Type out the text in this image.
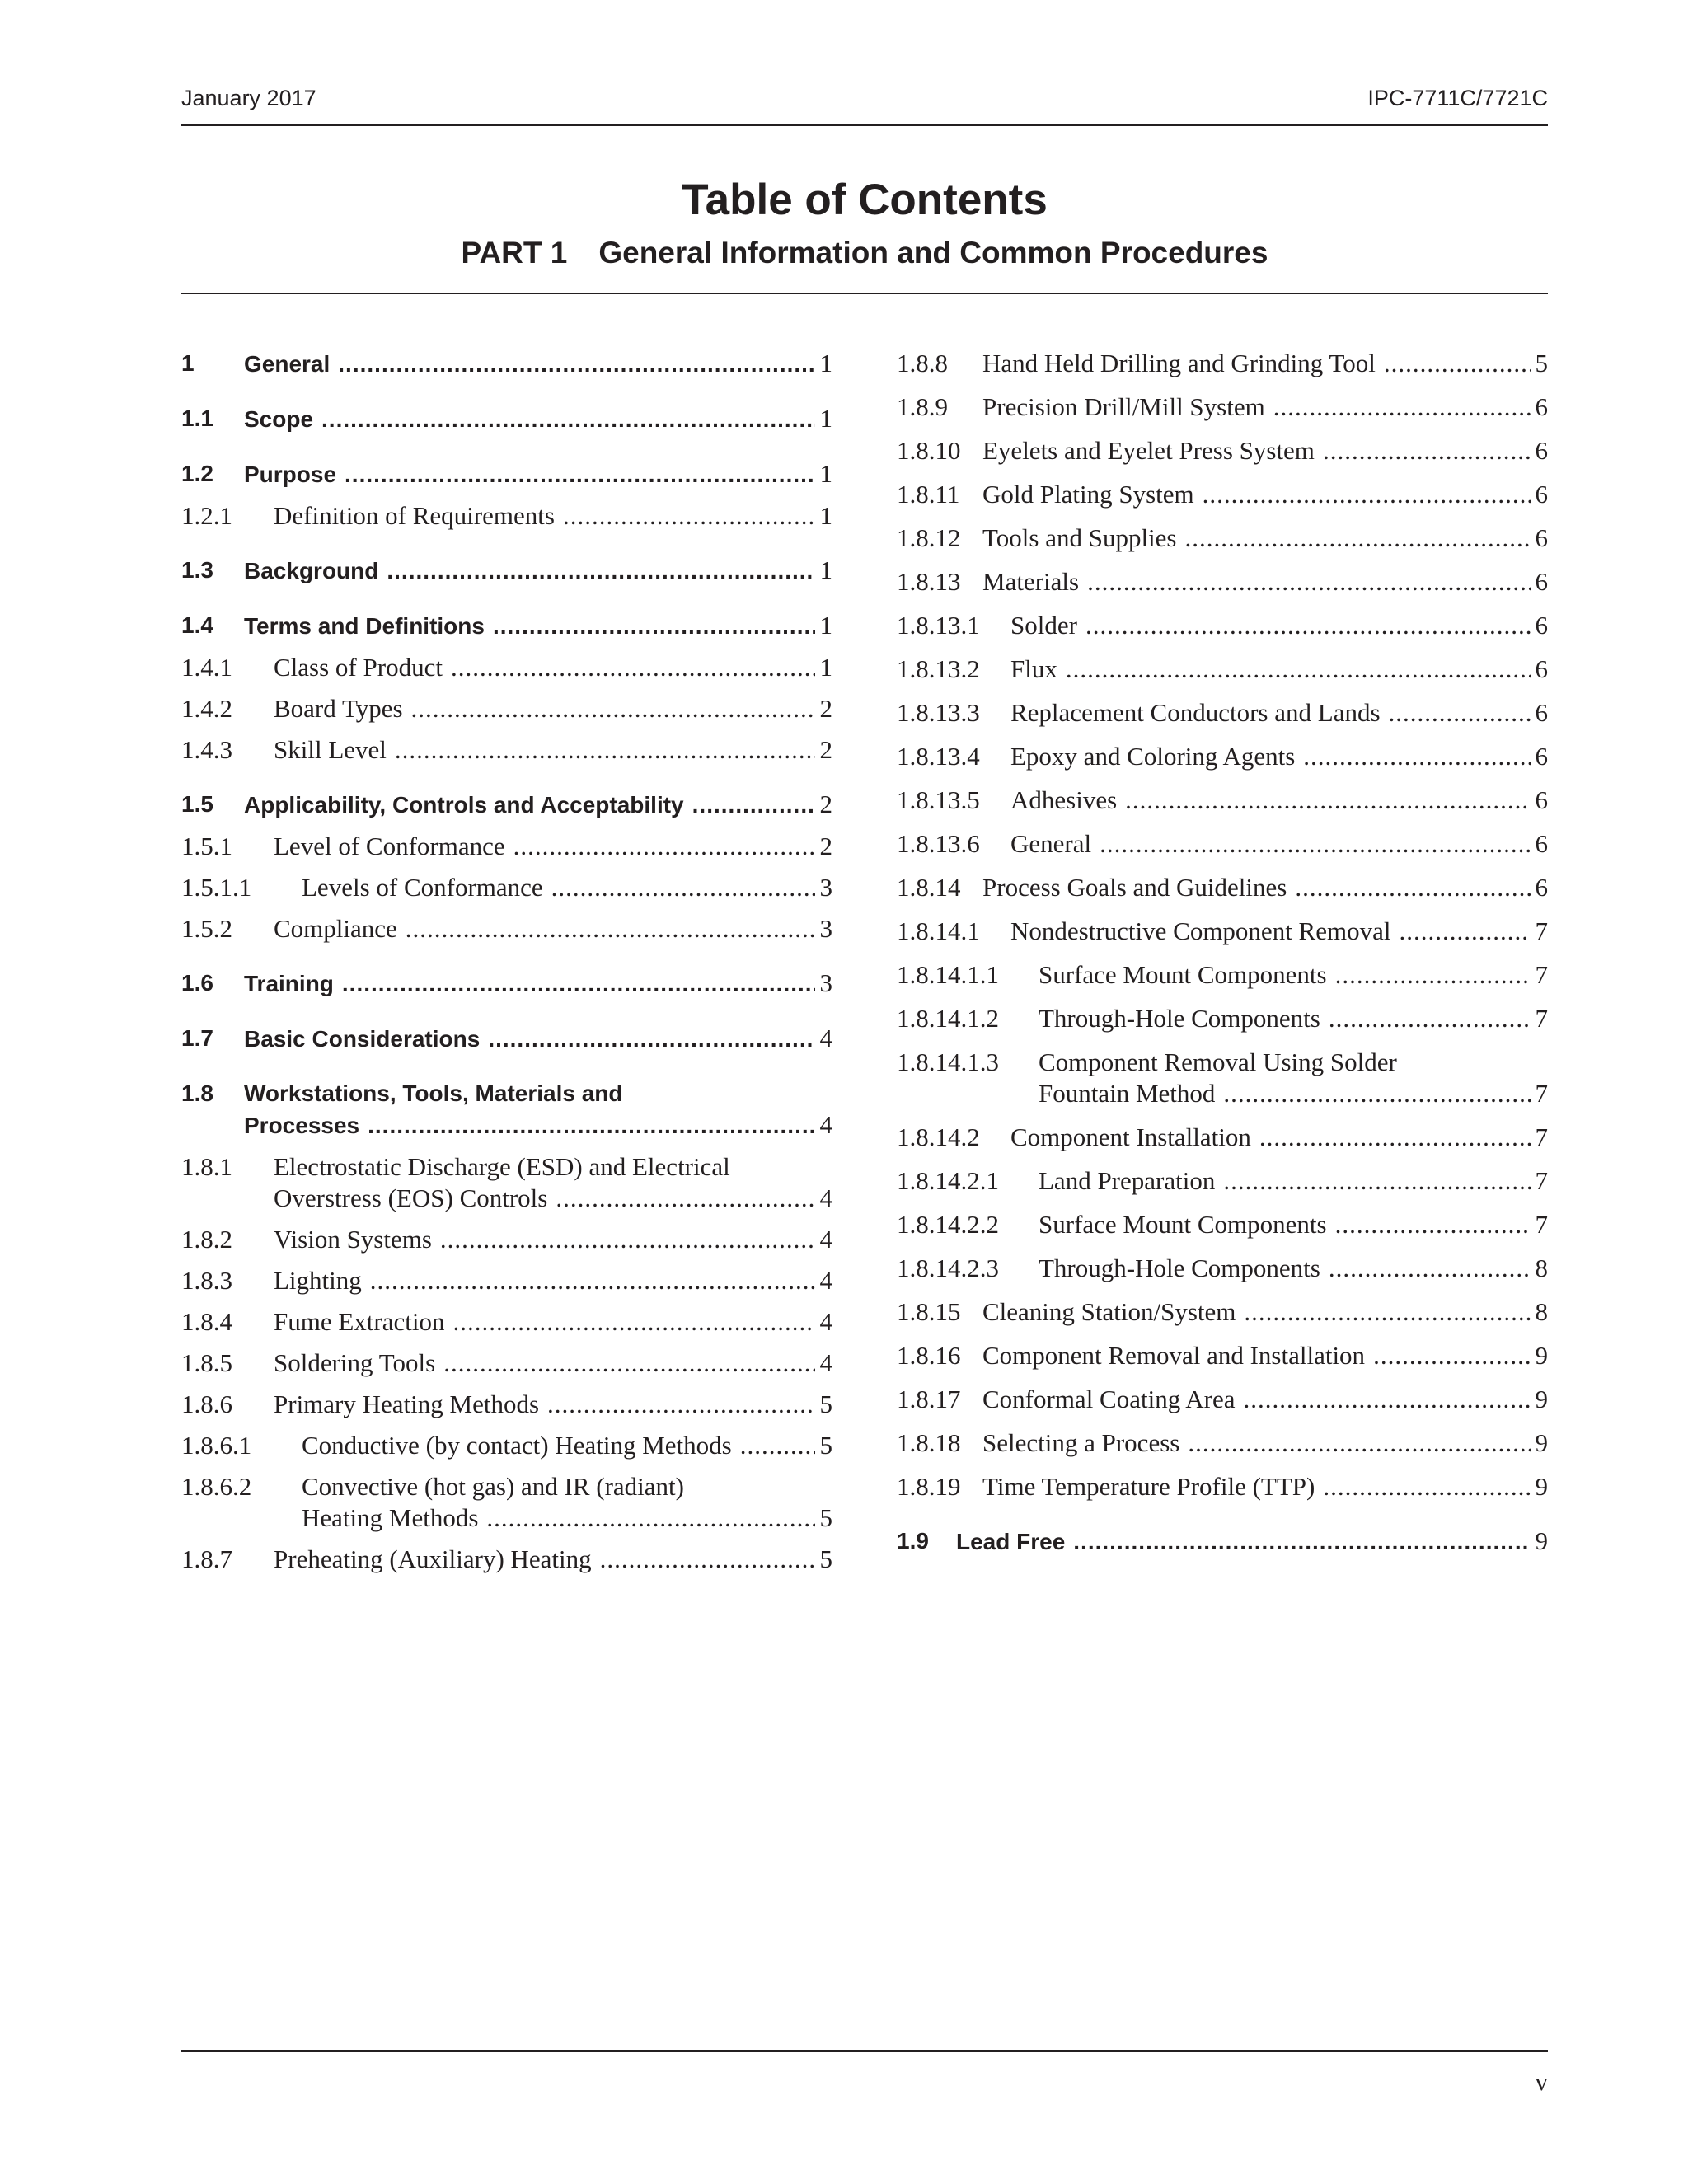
January 2017	IPC-7711C/7721C
Table of Contents
PART 1 General Information and Common Procedures
1 General .....	1
1.1 Scope .....	1
1.2 Purpose .....	1
1.2.1 Definition of Requirements .....	1
1.3 Background .....	1
1.4 Terms and Definitions .....	1
1.4.1 Class of Product .....	1
1.4.2 Board Types .....	2
1.4.3 Skill Level .....	2
1.5 Applicability, Controls and Acceptability .....	2
1.5.1 Level of Conformance .....	2
1.5.1.1 Levels of Conformance .....	3
1.5.2 Compliance .....	3
1.6 Training .....	3
1.7 Basic Considerations .....	4
1.8 Workstations, Tools, Materials and
Processes .....	4
1.8.1 Electrostatic Discharge (ESD) and Electrical
Overstress (EOS) Controls .....	4
1.8.2 Vision Systems .....	4
1.8.3 Lighting .....	4
1.8.4 Fume Extraction .....	4
1.8.5 Soldering Tools .....	4
1.8.6 Primary Heating Methods .....	5
1.8.6.1 Conductive (by contact) Heating Methods .....	5
1.8.6.2 Convective (hot gas) and IR (radiant)
Heating Methods .....	5
1.8.7 Preheating (Auxiliary) Heating .....	5
1.8.8 Hand Held Drilling and Grinding Tool .....	5
1.8.9 Precision Drill/Mill System .....	6
1.8.10 Eyelets and Eyelet Press System .....	6
1.8.11 Gold Plating System .....	6
1.8.12 Tools and Supplies .....	6
1.8.13 Materials .....	6
1.8.13.1 Solder .....	6
1.8.13.2 Flux .....	6
1.8.13.3 Replacement Conductors and Lands .....	6
1.8.13.4 Epoxy and Coloring Agents .....	6
1.8.13.5 Adhesives .....	6
1.8.13.6 General .....	6
1.8.14 Process Goals and Guidelines .....	6
1.8.14.1 Nondestructive Component Removal .....	7
1.8.14.1.1 Surface Mount Components .....	7
1.8.14.1.2 Through-Hole Components .....	7
1.8.14.1.3 Component Removal Using Solder
Fountain Method .....	7
1.8.14.2 Component Installation .....	7
1.8.14.2.1 Land Preparation .....	7
1.8.14.2.2 Surface Mount Components .....	7
1.8.14.2.3 Through-Hole Components .....	8
1.8.15 Cleaning Station/System .....	8
1.8.16 Component Removal and Installation .....	9
1.8.17 Conformal Coating Area .....	9
1.8.18 Selecting a Process .....	9
1.8.19 Time Temperature Profile (TTP) .....	9
1.9 Lead Free .....	9
v
